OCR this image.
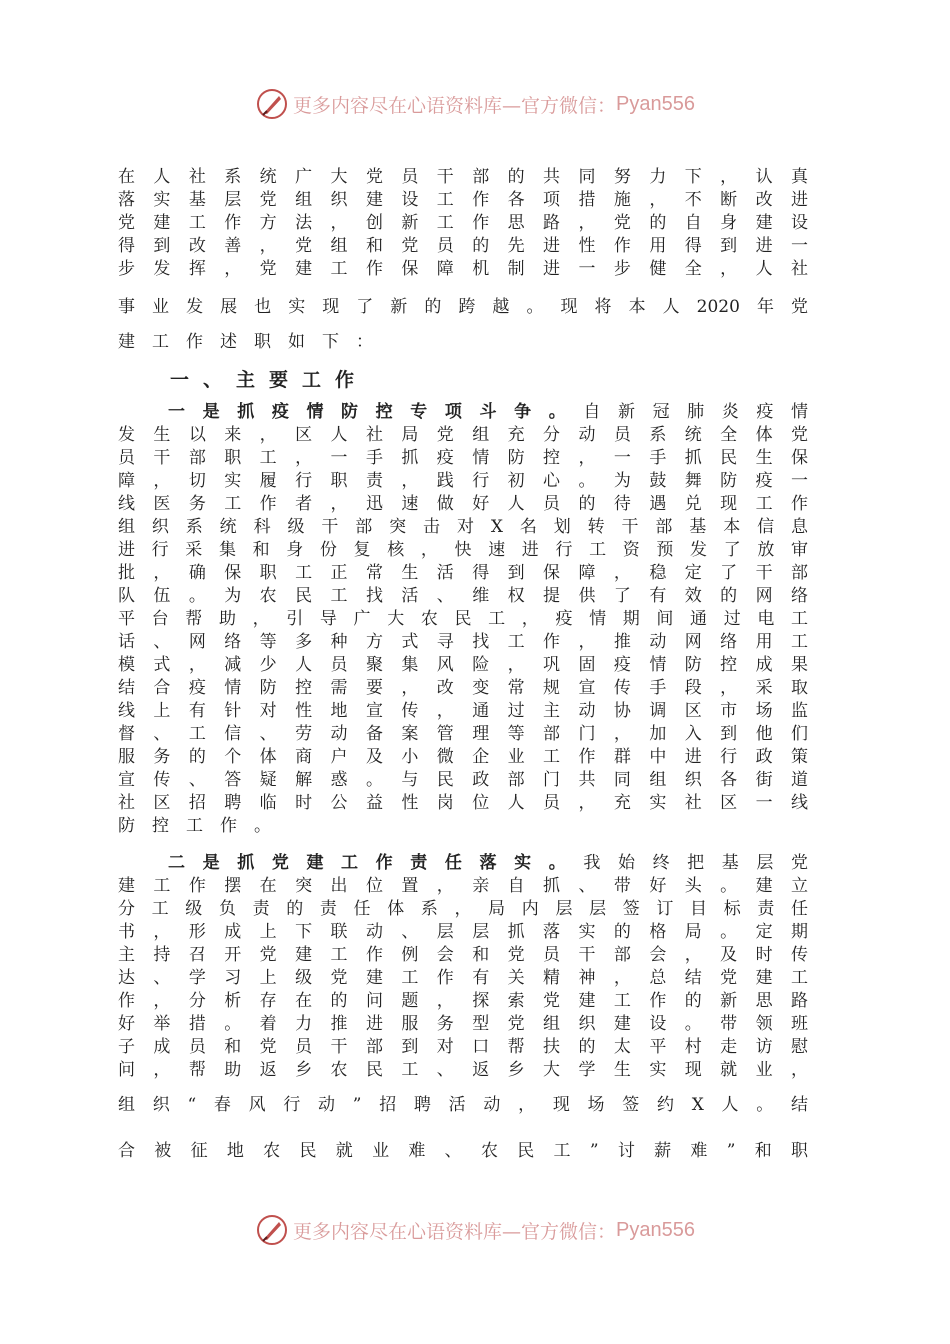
更多内容尽在心语资料库—官方微信： Pyan556
在人社系统广大党员干部的共同努力下，认真
落实基层党组织建设工作各项措施，不断改进
党建工作方法，创新工作思路，党的自身建设
得到改善，党组和党员的先进性作用得到进一
步发挥，党建工作保障机制进一步健全，人社
事业发展也实现了新的跨越。现将本人2020年党
建工作述职如下：
一、主要工作
一是抓疫情防控专项斗争。自新冠肺炎疫情
发生以来，区人社局党组充分动员系统全体党
员干部职工，一手抓疫情防控，一手抓民生保
障，切实履行职责，践行初心。为鼓舞防疫一
线医务工作者，迅速做好人员的待遇兑现工作
组织系统科级干部突击对X名划转干部基本信息
进行采集和身份复核，快速进行工资预发了放审
批，确保职工正常生活得到保障，稳定了干部
队伍。为农民工找活、维权提供了有效的网络
平台帮助，引导广大农民工，疫情期间通过电工
话、网络等多种方式寻找工作，推动网络用工
模式，减少人员聚集风险，巩固疫情防控成果
结合疫情防控需要，改变常规宣传手段，采取
线上有针对性地宣传，通过主动协调区市场监
督、工信、劳动备案管理等部门，加入到他们
服务的个体商户及小微企业工作群中进行政策
宣传、答疑解惑。与民政部门共同组织各街道
社区招聘临时公益性岗位人员，充实社区一线
防控工作。
二是抓党建工作责任落实。我始终把基层党
建工作摆在突出位置，亲自抓、带好头。建立
分工级负责的责任体系，局内层层签订目标责任
书，形成上下联动、层层抓落实的格局。定期
主持召开党建工作例会和党员干部会，及时传
达、学习上级党建工作有关精神，总结党建工
作，分析存在的问题，探索党建工作的新思路
好举措。着力推进服务型党组织建设。带领班
子成员和党员干部到对口帮扶的太平村走访慰
问，帮助返乡农民工、返乡大学生实现就业，
组织“春风行动”招聘活动，现场签约X人。结
合被征地农民就业难、农民工”讨薪难”和职
更多内容尽在心语资料库—官方微信： Pyan556
